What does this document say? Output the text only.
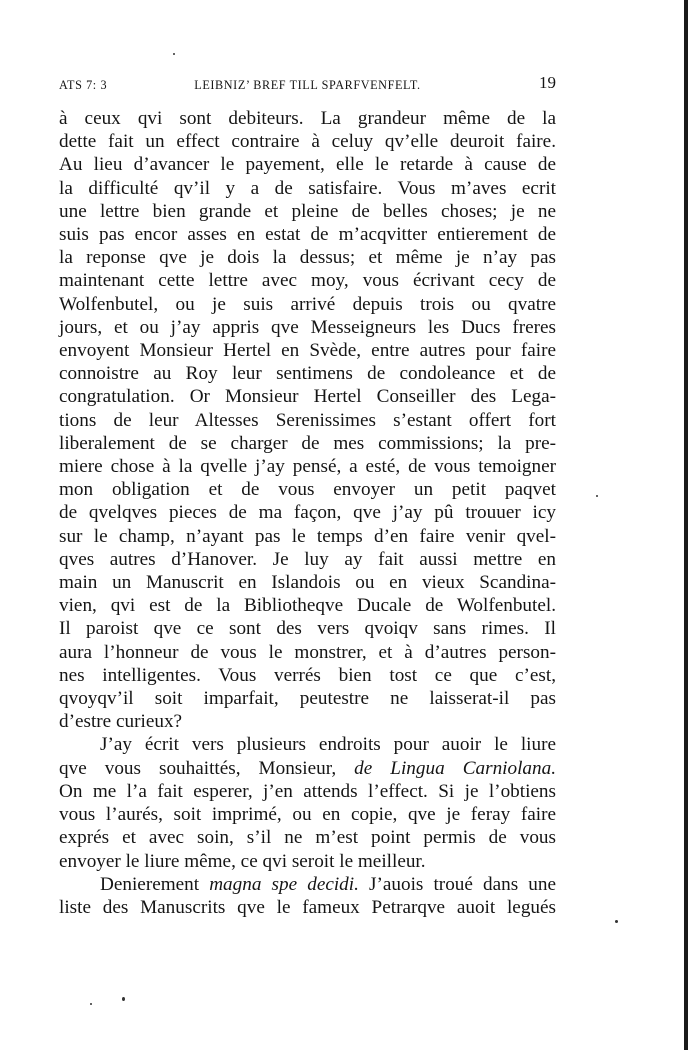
ATS 7: 3	LEIBNIZ’ BREF TILL SPARFVENFELT.	19
à ceux qvi sont debiteurs. La grandeur même de la
dette fait un effect contraire à celuy qv’elle deuroit faire.
Au lieu d’avancer le payement, elle le retarde à cause de
la difficulté qv’il y a de satisfaire. Vous m’aves ecrit
une lettre bien grande et pleine de belles choses; je ne
suis pas encor asses en estat de m’acqvitter entierement de
la reponse qve je dois la dessus; et même je n’ay pas
maintenant cette lettre avec moy, vous écrivant cecy de
Wolfenbutel, ou je suis arrivé depuis trois ou qvatre
jours, et ou j’ay appris qve Messeigneurs les Ducs freres
envoyent Monsieur Hertel en Svède, entre autres pour faire
connoistre au Roy leur sentimens de condoleance et de
congratulation. Or Monsieur Hertel Conseiller des Lega-
tions de leur Altesses Serenissimes s’estant offert fort
liberalement de se charger de mes commissions; la pre-
miere chose à la qvelle j’ay pensé, a esté, de vous temoigner
mon obligation et de vous envoyer un petit paqvet
de qvelqves pieces de ma façon, qve j’ay pû trouuer icy
sur le champ, n’ayant pas le temps d’en faire venir qvel-
qves autres d’Hanover. Je luy ay fait aussi mettre en
main un Manuscrit en Islandois ou en vieux Scandina-
vien, qvi est de la Bibliotheqve Ducale de Wolfenbutel.
Il paroist qve ce sont des vers qvoiqv sans rimes. Il
aura l’honneur de vous le monstrer, et à d’autres person-
nes intelligentes. Vous verrés bien tost ce que c’est,
qvoyqv’il soit imparfait, peutestre ne laisserat-il pas
d’estre curieux?
J’ay écrit vers plusieurs endroits pour auoir le liure
qve vous souhaittés, Monsieur, de Lingua Carniolana.
On me l’a fait esperer, j’en attends l’effect. Si je l’obtiens
vous l’aurés, soit imprimé, ou en copie, qve je feray faire
exprés et avec soin, s’il ne m’est point permis de vous
envoyer le liure même, ce qvi seroit le meilleur.
Denierement magna spe decidi. J’auois troué dans une
liste des Manuscrits qve le fameux Petrarqve auoit legués
